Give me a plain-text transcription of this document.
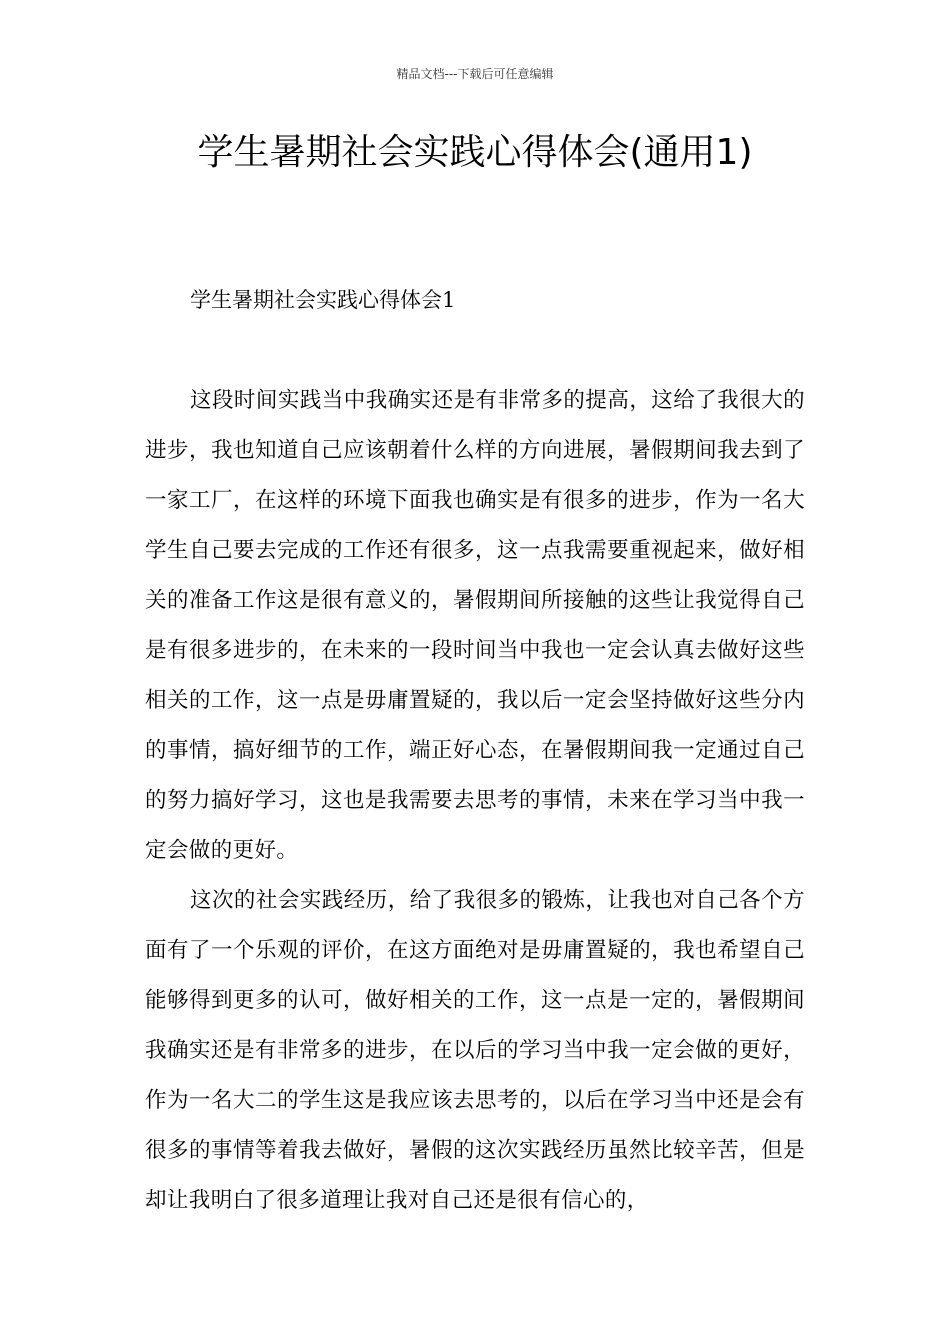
精品文档---下载后可任意编辑
学生暑期社会实践心得体会(通用1)
学生暑期社会实践心得体会1

这段时间实践当中我确实还是有非常多的提高，这给了我很大的进步，我也知道自己应该朝着什么样的方向进展，暑假期间我去到了一家工厂，在这样的环境下面我也确实是有很多的进步，作为一名大学生自己要去完成的工作还有很多，这一点我需要重视起来，做好相关的准备工作这是很有意义的，暑假期间所接触的这些让我觉得自己是有很多进步的，在未来的一段时间当中我也一定会认真去做好这些相关的工作，这一点是毋庸置疑的，我以后一定会坚持做好这些分内的事情，搞好细节的工作，端正好心态，在暑假期间我一定通过自己的努力搞好学习，这也是我需要去思考的事情，未来在学习当中我一定会做的更好。

这次的社会实践经历，给了我很多的锻炼，让我也对自己各个方面有了一个乐观的评价，在这方面绝对是毋庸置疑的，我也希望自己能够得到更多的认可，做好相关的工作，这一点是一定的，暑假期间我确实还是有非常多的进步，在以后的学习当中我一定会做的更好，作为一名大二的学生这是我应该去思考的，以后在学习当中还是会有很多的事情等着我去做好，暑假的这次实践经历虽然比较辛苦，但是却让我明白了很多道理让我对自己还是很有信心的，
